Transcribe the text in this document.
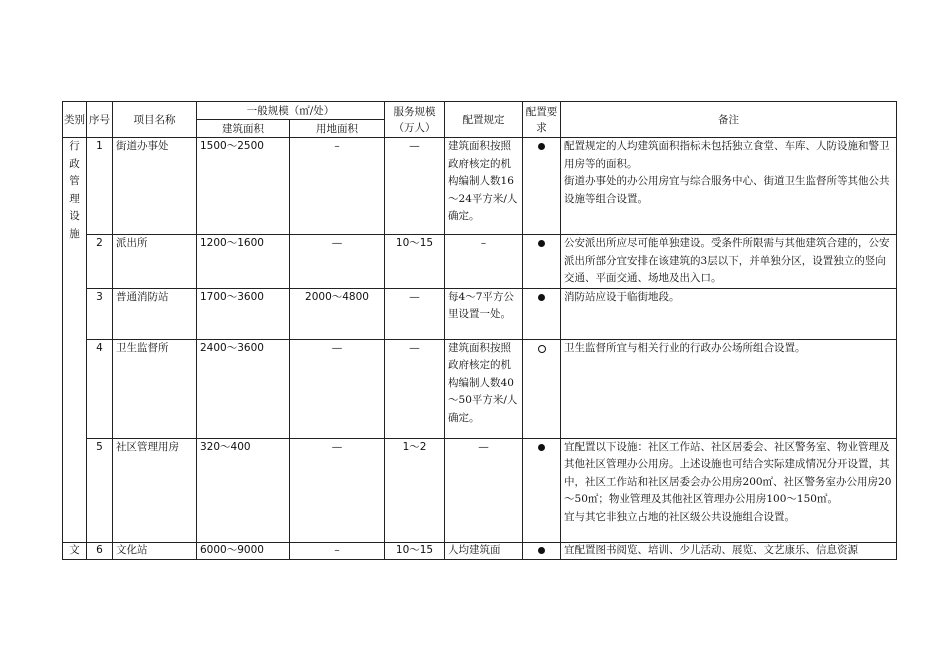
类别	序号	项目名称	一般规模（㎡/处）		服务规模（万人）	配置规定	配置要求	备注
			建筑面积	用地面积				

行政管理设施	1	街道办事处	1500～2500	–	—	建筑面积按照政府核定的机构编制人数16～24平方米/人确定。		配置规定的人均建筑面积指标未包括独立食堂、车库、人防设施和警卫用房等的面积。

街道办事处的办公用房宜与综合服务中心、街道卫生监督所等其他公共设施等组合设置。

	2	派出所	1200～1600	—	10～15	–		公安派出所应尽可能单独建设。受条件所限需与其他建筑合建的，公安派出所部分宜安排在该建筑的3层以下，并单独分区，设置独立的竖向交通、平面交通、场地及出入口。

	3	普通消防站	1700～3600	2000～4800	—	每4～7平方公里设置一处。		消防站应设于临街地段。

	4	卫生监督所	2400～3600	—	—	建筑面积按照政府核定的机构编制人数40～50平方米/人确定。		卫生监督所宜与相关行业的行政办公场所组合设置。

	5	社区管理用房	320～400	—	1～2	—		宜配置以下设施：社区工作站、社区居委会、社区警务室、物业管理及其他社区管理办公用房。上述设施也可结合实际建成情况分开设置，其中，社区工作站和社区居委会办公用房200㎡、社区警务室办公用房20～50㎡；物业管理及其他社区管理办公用房100～150㎡。

宜与其它非独立占地的社区级公共设施组合设置。

文	6	文化站	6000～9000	–	10～15	人均建筑面		宜配置图书阅览、培训、少儿活动、展览、文艺康乐、信息资源
